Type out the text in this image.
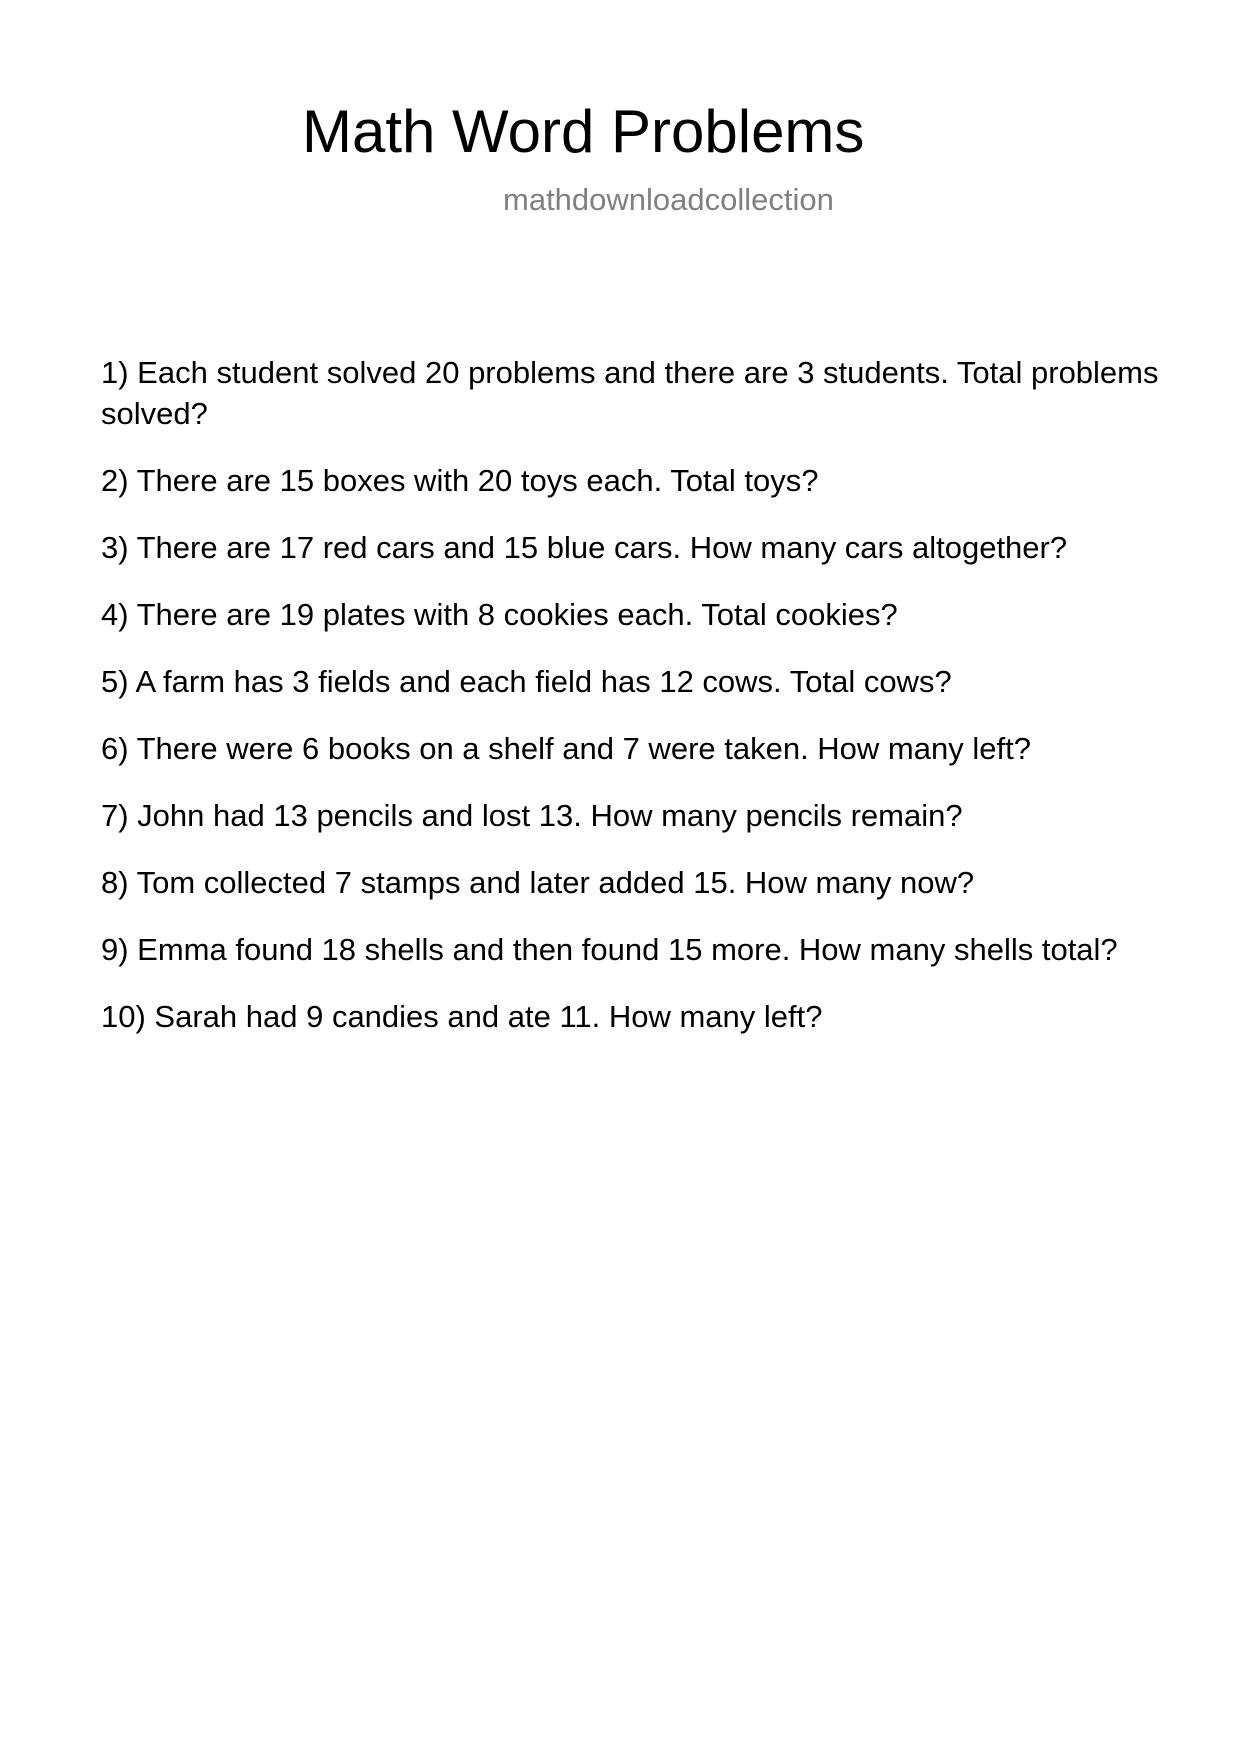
Math Word Problems
mathdownloadcollection
1) Each student solved 20 problems and there are 3 students. Total problems solved?
2) There are 15 boxes with 20 toys each. Total toys?
3) There are 17 red cars and 15 blue cars. How many cars altogether?
4) There are 19 plates with 8 cookies each. Total cookies?
5) A farm has 3 fields and each field has 12 cows. Total cows?
6) There were 6 books on a shelf and 7 were taken. How many left?
7) John had 13 pencils and lost 13. How many pencils remain?
8) Tom collected 7 stamps and later added 15. How many now?
9) Emma found 18 shells and then found 15 more. How many shells total?
10) Sarah had 9 candies and ate 11. How many left?
